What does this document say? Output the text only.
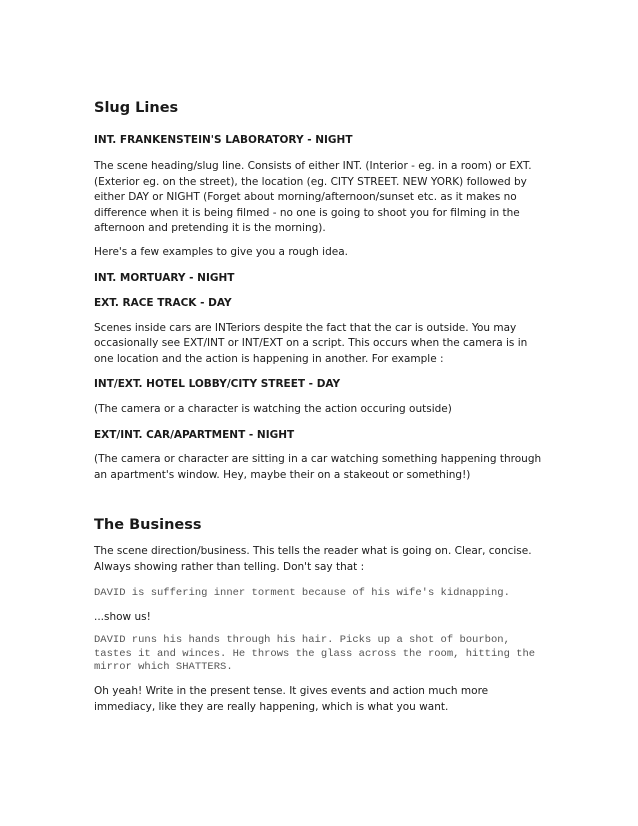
Slug Lines
INT. FRANKENSTEIN'S LABORATORY - NIGHT

The scene heading/slug line. Consists of either INT. (Interior - eg. in a room) or EXT.
(Exterior eg. on the street), the location (eg. CITY STREET. NEW YORK) followed by
either DAY or NIGHT (Forget about morning/afternoon/sunset etc. as it makes no
difference when it is being filmed - no one is going to shoot you for filming in the
afternoon and pretending it is the morning).

Here's a few examples to give you a rough idea.

INT. MORTUARY - NIGHT
EXT. RACE TRACK - DAY

Scenes inside cars are INTeriors despite the fact that the car is outside. You may
occasionally see EXT/INT or INT/EXT on a script. This occurs when the camera is in
one location and the action is happening in another. For example :

INT/EXT. HOTEL LOBBY/CITY STREET - DAY

(The camera or a character is watching the action occuring outside)

EXT/INT. CAR/APARTMENT - NIGHT

(The camera or character are sitting in a car watching something happening through
an apartment's window. Hey, maybe their on a stakeout or something!)

The Business

The scene direction/business. This tells the reader what is going on. Clear, concise.
Always showing rather than telling. Don't say that :

DAVID is suffering inner torment because of his wife's kidnapping.

...show us!

DAVID runs his hands through his hair. Picks up a shot of bourbon,
tastes it and winces. He throws the glass across the room, hitting the
mirror which SHATTERS.

Oh yeah! Write in the present tense. It gives events and action much more
immediacy, like they are really happening, which is what you want.
